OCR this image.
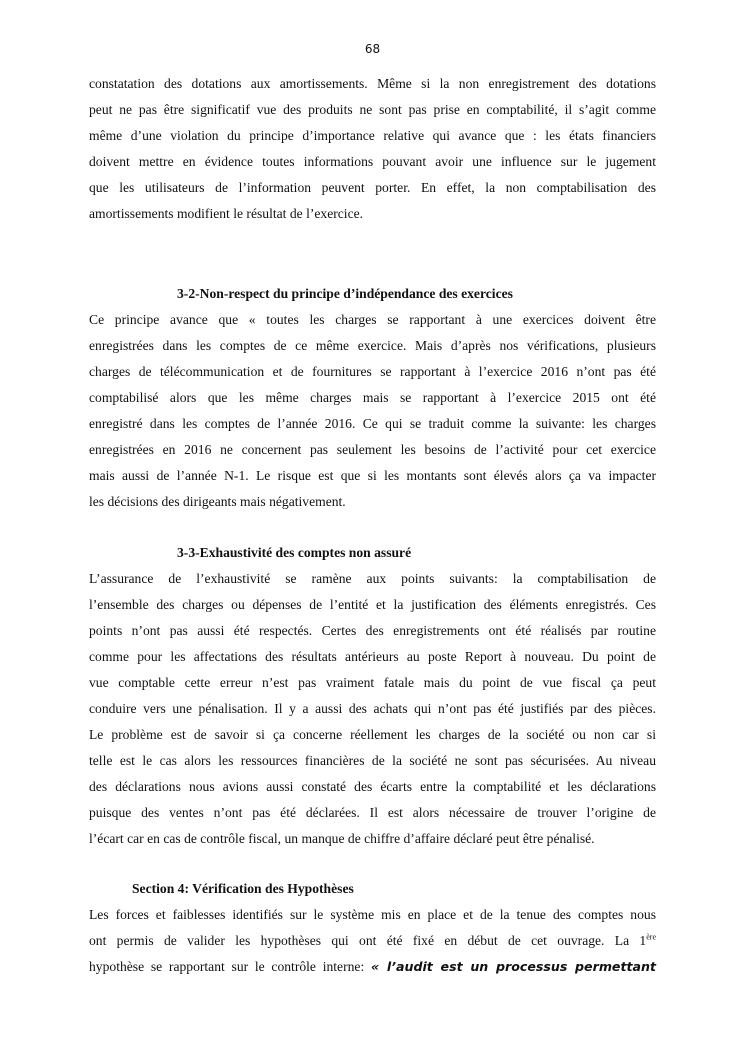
68
constatation des dotations aux amortissements. Même si la non enregistrement des dotations
peut ne pas être significatif vue des produits ne sont pas prise en comptabilité, il s’agit comme
même d’une violation du principe d’importance relative qui avance que : les états financiers
doivent mettre en évidence toutes informations pouvant avoir une influence sur le jugement
que les utilisateurs de l’information peuvent porter. En effet, la non comptabilisation des
amortissements modifient le résultat de l’exercice.
3-2-Non-respect du principe d’indépendance des exercices
Ce principe avance que « toutes les charges se rapportant à une exercices doivent être
enregistrées dans les comptes de ce même exercice. Mais d’après nos vérifications, plusieurs
charges de télécommunication et de fournitures se rapportant à l’exercice 2016 n’ont pas été
comptabilisé alors que les même charges mais se rapportant à l’exercice 2015 ont été
enregistré dans les comptes de l’année 2016. Ce qui se traduit comme la suivante: les charges
enregistrées en 2016 ne concernent pas seulement les besoins de l’activité pour cet exercice
mais aussi de l’année N-1. Le risque est que si les montants sont élevés alors ça va impacter
les décisions des dirigeants mais négativement.
3-3-Exhaustivité des comptes non assuré
L’assurance de l’exhaustivité se ramène aux points suivants: la comptabilisation de
l’ensemble des charges ou dépenses de l’entité et la justification des éléments enregistrés. Ces
points n’ont pas aussi été respectés. Certes des enregistrements ont été réalisés par routine
comme pour les affectations des résultats antérieurs au poste Report à nouveau. Du point de
vue comptable cette erreur n’est pas vraiment fatale mais du point de vue fiscal ça peut
conduire vers une pénalisation. Il y a aussi des achats qui n’ont pas été justifiés par des pièces.
Le problème est de savoir si ça concerne réellement les charges de la société ou non car si
telle est le cas alors les ressources financières de la société ne sont pas sécurisées. Au niveau
des déclarations nous avions aussi constaté des écarts entre la comptabilité et les déclarations
puisque des ventes n’ont pas été déclarées. Il est alors nécessaire de trouver l’origine de
l’écart car en cas de contrôle fiscal, un manque de chiffre d’affaire déclaré peut être pénalisé.
Section 4: Vérification des Hypothèses
Les forces et faiblesses identifiés sur le système mis en place et de la tenue des comptes nous
ont permis de valider les hypothèses qui ont été fixé en début de cet ouvrage. La 1ère
hypothèse se rapportant sur le contrôle interne: « l’audit est un processus permettant
